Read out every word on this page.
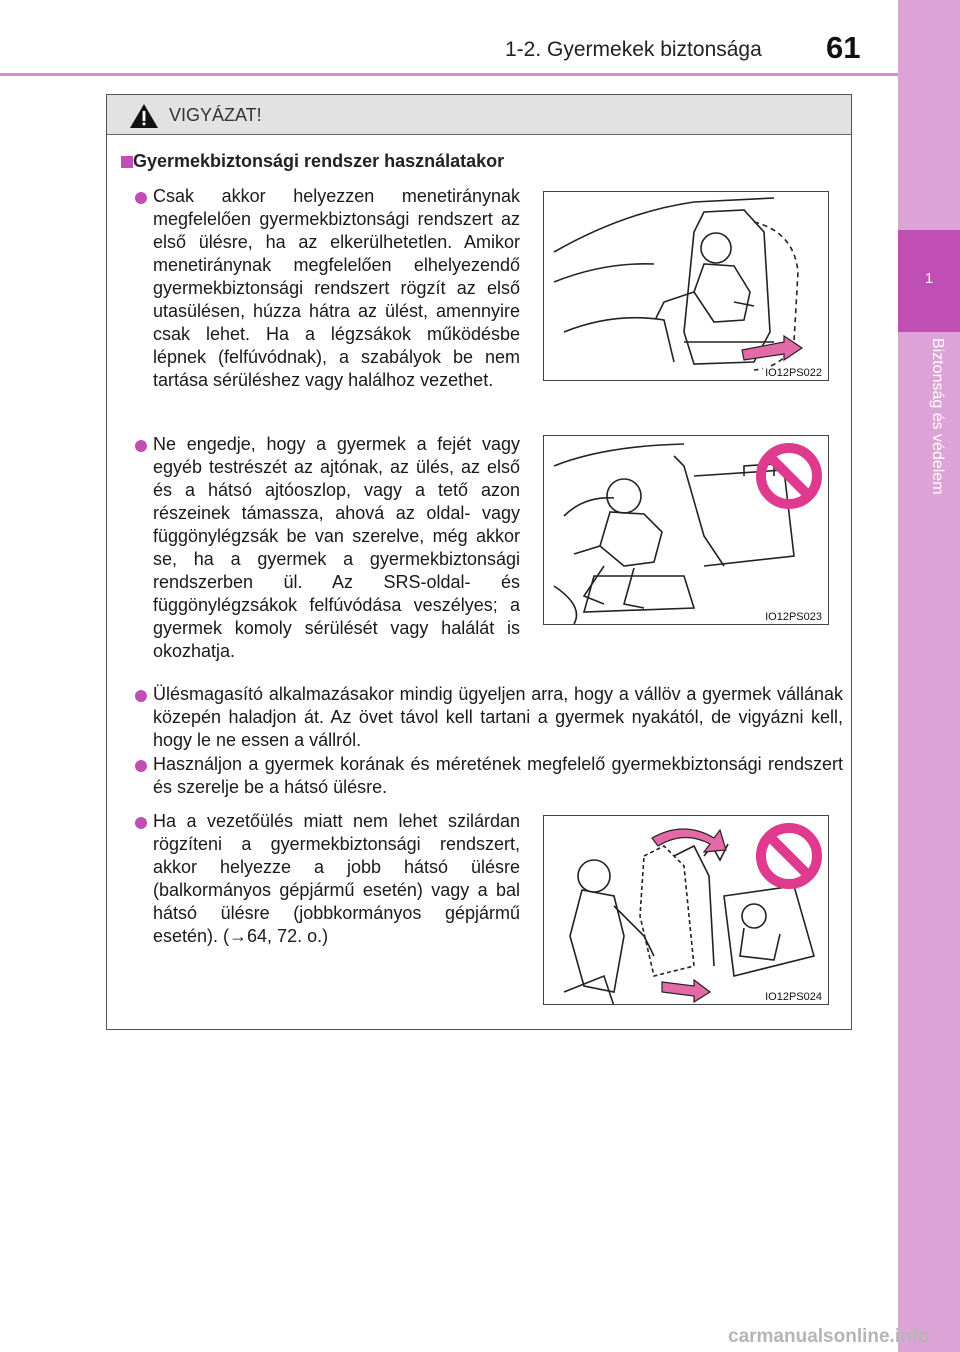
1-2. Gyermekek biztonsága 61
1
Biztonság és védelem
VIGYÁZAT!
Gyermekbiztonsági rendszer használatakor
Csak akkor helyezzen menetiránynak megfelelően gyermekbiztonsági rendszert az első ülésre, ha az elkerülhetetlen. Amikor menetiránynak megfelelően elhelyezendő gyermekbiztonsági rendszert rögzít az első utasülésen, húzza hátra az ülést, amennyire csak lehet. Ha a légzsákok működésbe lépnek (felfúvódnak), a szabályok be nem tartása sérüléshez vagy halálhoz vezethet.	IO12PS022
Ne engedje, hogy a gyermek a fejét vagy egyéb testrészét az ajtónak, az ülés, az első és a hátsó ajtóoszlop, vagy a tető azon részeinek támassza, ahová az oldal- vagy függönylégzsák be van szerelve, még akkor se, ha a gyermek a gyermekbiztonsági rendszerben ül. Az SRS-oldal- és függönylégzsákok felfúvódása veszélyes; a gyermek komoly sérülését vagy halálát is okozhatja.
IO12PS023
Ülésmagasító alkalmazásakor mindig ügyeljen arra, hogy a vállöv a gyermek vállának közepén haladjon át. Az övet távol kell tartani a gyermek nyakától, de vigyázni kell, hogy le ne essen a vállról.
Használjon a gyermek korának és méretének megfelelő gyermekbiztonsági rendszert és szerelje be a hátsó ülésre.
Ha a vezetőülés miatt nem lehet szilárdan rögzíteni a gyermekbiztonsági rendszert, akkor helyezze a jobb hátsó ülésre (balkormányos gépjármű esetén) vagy a bal hátsó ülésre (jobbkormányos gépjármű esetén). (→64, 72. o.)
IO12PS024
carmanualsonline.info
